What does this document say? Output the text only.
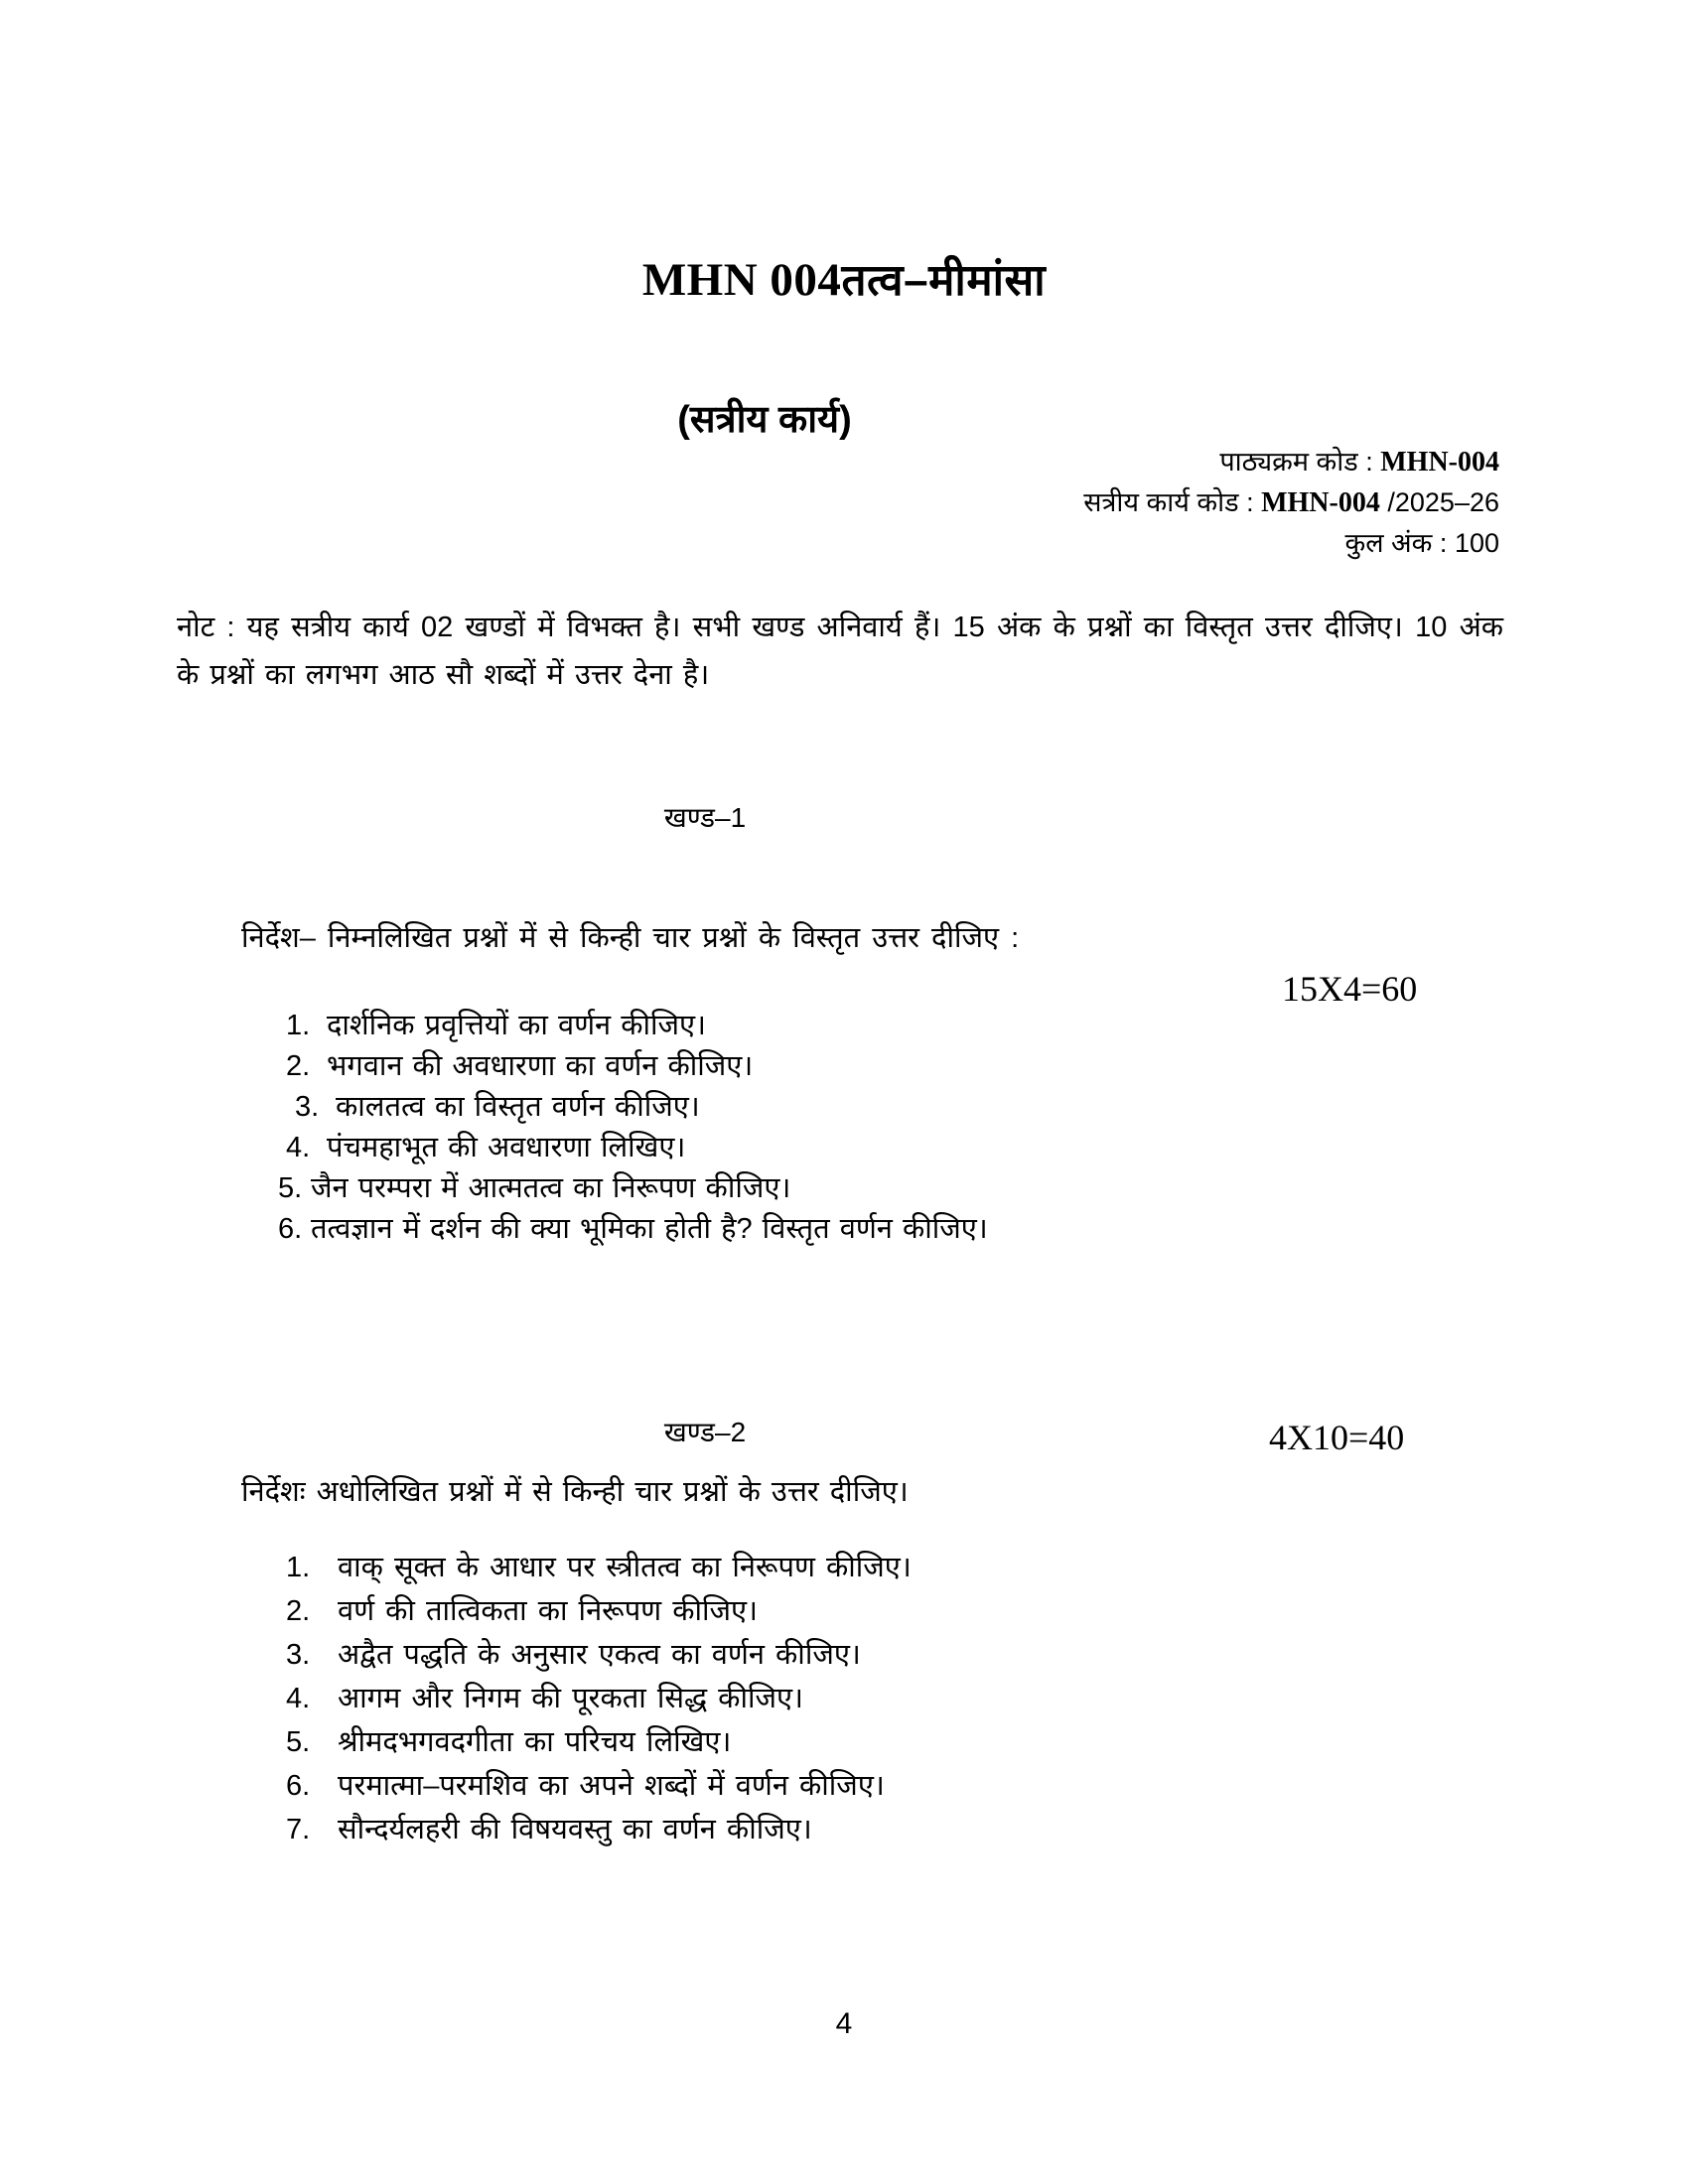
MHN 004तत्व–मीमांसा
(सत्रीय कार्य)
पाठ्यक्रम कोड : MHN-004
सत्रीय कार्य कोड : MHN-004 /2025–26
कुल अंक : 100
नोट : यह सत्रीय कार्य 02 खण्डों में विभक्त है। सभी खण्ड अनिवार्य हैं। 15 अंक के प्रश्नों का विस्तृत उत्तर दीजिए। 10 अंक के प्रश्नों का लगभग आठ सौ शब्दों में उत्तर देना है।
खण्ड–1
निर्देश– निम्नलिखित प्रश्नों में से किन्ही चार प्रश्नों के विस्तृत उत्तर दीजिए :
15X4=60
1. दार्शनिक प्रवृत्तियों का वर्णन कीजिए।
2. भगवान की अवधारणा का वर्णन कीजिए।
3. कालतत्व का विस्तृत वर्णन कीजिए।
4. पंचमहाभूत की अवधारणा लिखिए।
5. जैन परम्परा में आत्मतत्व का निरूपण कीजिए।
6. तत्वज्ञान में दर्शन की क्या भूमिका होती है? विस्तृत वर्णन कीजिए।
खण्ड–2	4X10=40
निर्देशः अधोलिखित प्रश्नों में से किन्ही चार प्रश्नों के उत्तर दीजिए।
1. वाक् सूक्त के आधार पर स्त्रीतत्व का निरूपण कीजिए।
2. वर्ण की तात्विकता का निरूपण कीजिए।
3. अद्वैत पद्धति के अनुसार एकत्व का वर्णन कीजिए।
4. आगम और निगम की पूरकता सिद्ध कीजिए।
5. श्रीमदभगवदगीता का परिचय लिखिए।
6. परमात्मा–परमशिव का अपने शब्दों में वर्णन कीजिए।
7. सौन्दर्यलहरी की विषयवस्तु का वर्णन कीजिए।
4
